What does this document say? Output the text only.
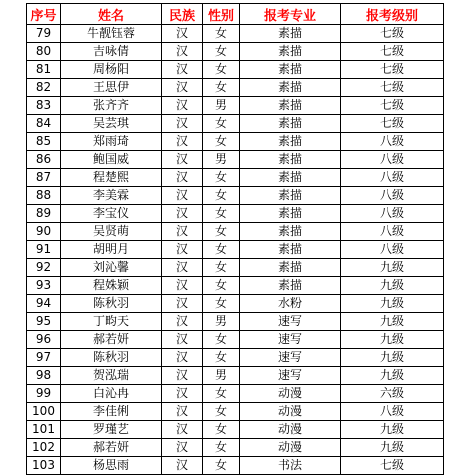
序号	姓名	民族	性别	报考专业	报考级别
79	牛靓钰蓉	汉	女	素描	七级
80	吉咏倩	汉	女	素描	七级
81	周杨阳	汉	女	素描	七级
82	王思伊	汉	女	素描	七级
83	张齐齐	汉	男	素描	七级
84	吴芸琪	汉	女	素描	七级
85	郑雨琦	汉	女	素描	八级
86	鲍国威	汉	男	素描	八级
87	程楚熙	汉	女	素描	八级
88	李美霖	汉	女	素描	八级
89	李宝仪	汉	女	素描	八级
90	吴贤萌	汉	女	素描	八级
91	胡明月	汉	女	素描	八级
92	刘沁馨	汉	女	素描	九级
93	程姝颖	汉	女	素描	九级
94	陈秋羽	汉	女	水粉	九级
95	丁畇天	汉	男	速写	九级
96	郝若妍	汉	女	速写	九级
97	陈秋羽	汉	女	速写	九级
98	贺泓瑞	汉	男	速写	九级
99	白沁冉	汉	女	动漫	六级
100	李佳俐	汉	女	动漫	八级
101	罗瑾艺	汉	女	动漫	九级
102	郝若妍	汉	女	动漫	九级
103	杨思雨	汉	女	书法	七级
